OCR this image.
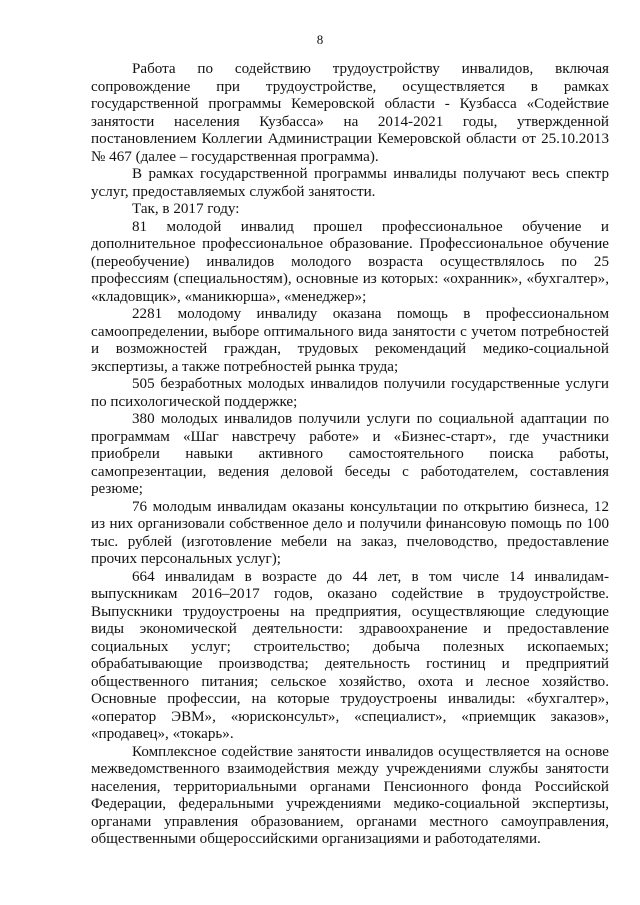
8

Работа по содействию трудоустройству инвалидов, включая сопровождение при трудоустройстве, осуществляется в рамках государственной программы Кемеровской области - Кузбасса «Содействие занятости населения Кузбасса» на 2014-2021 годы, утвержденной постановлением Коллегии Администрации Кемеровской области от 25.10.2013 № 467 (далее – государственная программа).

В рамках государственной программы инвалиды получают весь спектр услуг, предоставляемых службой занятости.

Так, в 2017 году:

81 молодой инвалид прошел профессиональное обучение и дополнительное профессиональное образование. Профессиональное обучение (переобучение) инвалидов молодого возраста осуществлялось по 25 профессиям (специальностям), основные из которых: «охранник», «бухгалтер», «кладовщик», «маникюрша», «менеджер»;

2281 молодому инвалиду оказана помощь в профессиональном самоопределении, выборе оптимального вида занятости с учетом потребностей и возможностей граждан, трудовых рекомендаций медико-социальной экспертизы, а также потребностей рынка труда;

505 безработных молодых инвалидов получили государственные услуги по психологической поддержке;

380 молодых инвалидов получили услуги по социальной адаптации по программам «Шаг навстречу работе» и «Бизнес-старт», где участники приобрели навыки активного самостоятельного поиска работы, самопрезентации, ведения деловой беседы с работодателем, составления резюме;

76 молодым инвалидам оказаны консультации по открытию бизнеса, 12 из них организовали собственное дело и получили финансовую помощь по 100 тыс. рублей (изготовление мебели на заказ, пчеловодство, предоставление прочих персональных услуг);

664 инвалидам в возрасте до 44 лет, в том числе 14 инвалидам-выпускникам 2016–2017 годов, оказано содействие в трудоустройстве. Выпускники трудоустроены на предприятия, осуществляющие следующие виды экономической деятельности: здравоохранение и предоставление социальных услуг; строительство; добыча полезных ископаемых; обрабатывающие производства; деятельность гостиниц и предприятий общественного питания; сельское хозяйство, охота и лесное хозяйство. Основные профессии, на которые трудоустроены инвалиды: «бухгалтер», «оператор ЭВМ», «юрисконсульт», «специалист», «приемщик заказов», «продавец», «токарь».

Комплексное содействие занятости инвалидов осуществляется на основе межведомственного взаимодействия между учреждениями службы занятости населения, территориальными органами Пенсионного фонда Российской Федерации, федеральными учреждениями медико-социальной экспертизы, органами управления образованием, органами местного самоуправления, общественными общероссийскими организациями и работодателями.
